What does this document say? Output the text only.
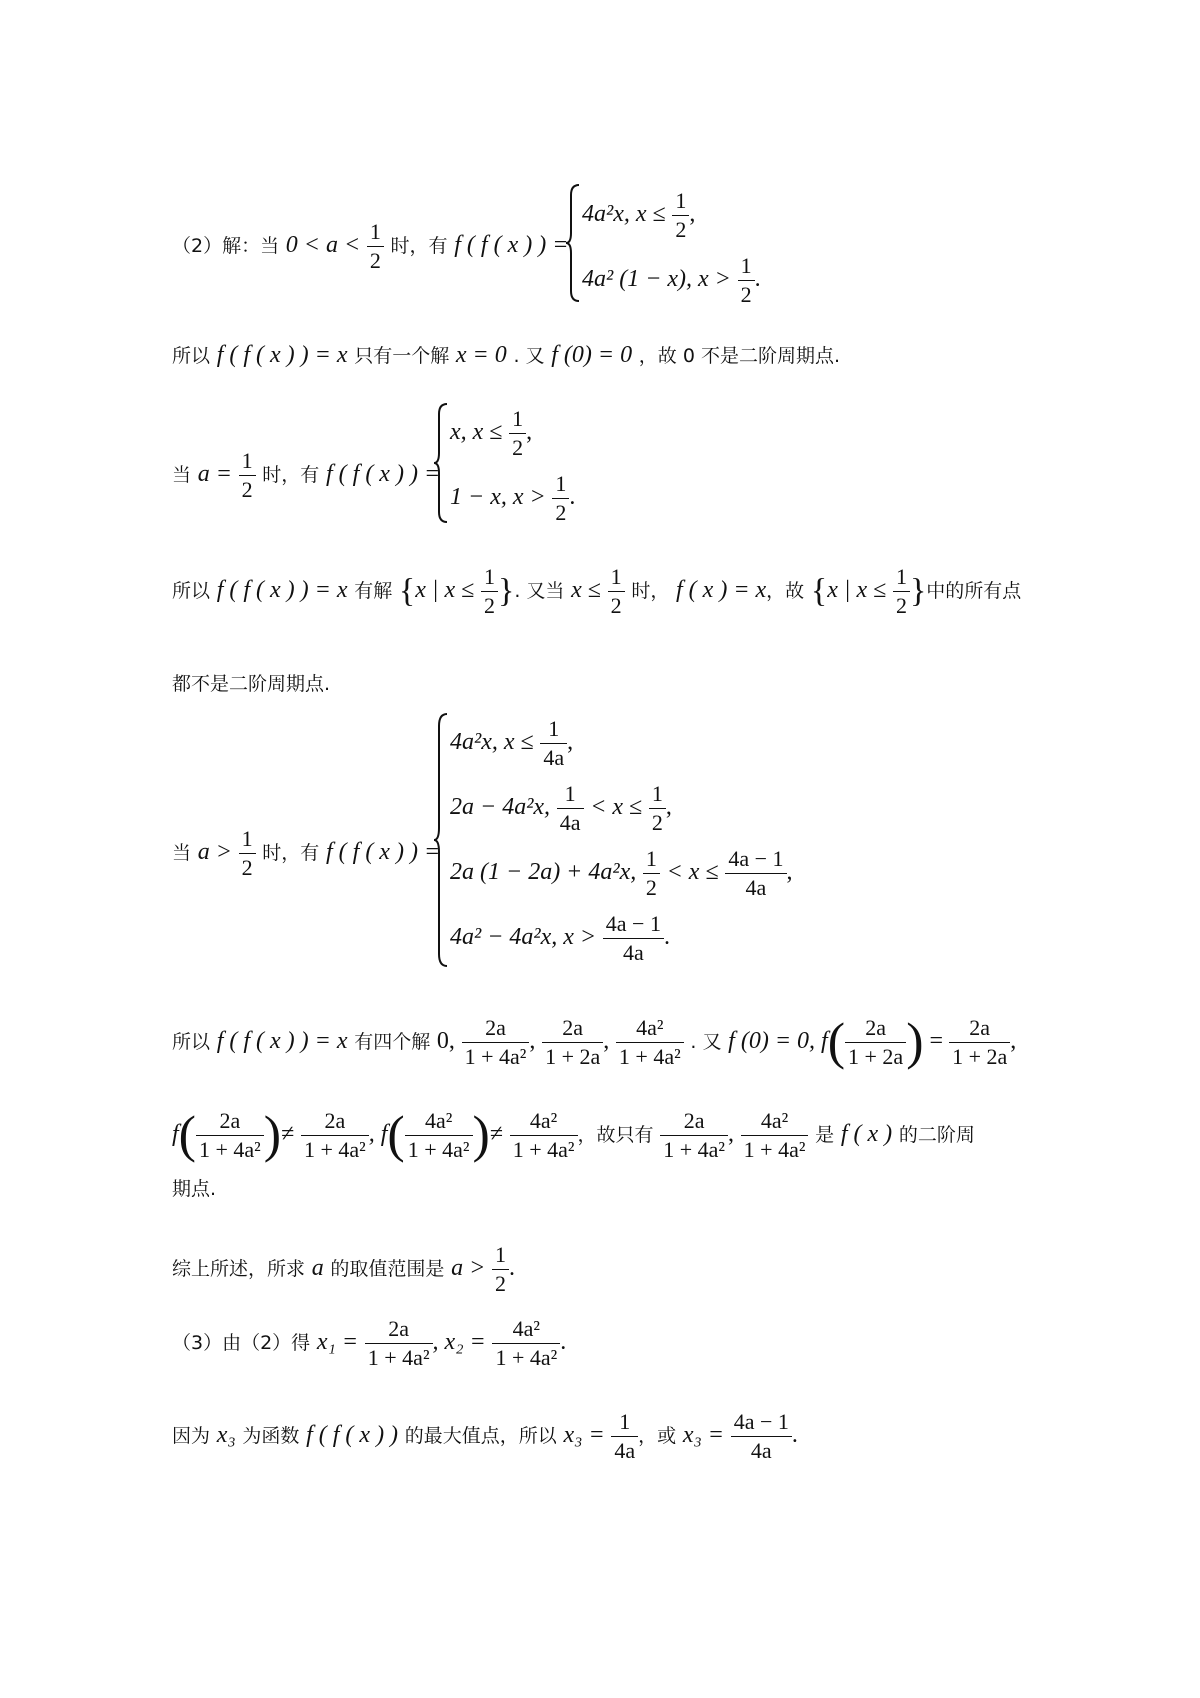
（2）解：当 $0 < a < \frac{1}{2}$ 时，有 f ( f ( x ) ) =
4a²x, $x \le \frac{1}{2}$ ,
4a² (1 − x), $x > \frac{1}{2}$ .
所以 f ( f ( x ) ) = x 只有一个解 x = 0 . 又 f (0) = 0 ，故 0 不是二阶周期点.
当 $a = \frac{1}{2}$ 时，有 f ( f ( x ) ) =
x, $x \le \frac{1}{2}$ ,
1 − x, $x > \frac{1}{2}$ .
所以 f ( f ( x ) ) = x 有解 {x | $x \le \frac{1}{2}$ }. 又当 $x \le \frac{1}{2}$ 时， f ( x ) = x，故 {x | $x \le \frac{1}{2}$ }中的所有点
都不是二阶周期点.
当 $a > \frac{1}{2}$ 时，有 f ( f ( x ) ) =
4a²x, $x \le \frac{1}{4a}$ ,
2a − 4a²x, $\frac{1}{4a} < x \le \frac{1}{2}$ ,
2a (1 − 2a) + 4a²x, $\frac{1}{2} < x \le \frac{4a - 1}{4a}$ ,
4a² − 4a²x, $x > \frac{4a - 1}{4a}$ .
所以 f ( f ( x ) ) = x 有四个解 0, $\frac{2a}{\text{1 + 4a²}}$ , $\frac{2a}{1 + 2a}$ , $\frac{\text{4a²}}{\text{1 + 4a²}}$ . 又 f (0) = 0, $f( \frac{2a}{1 + 2a}$ ) = $\frac{2a}{1 + 2a}$ ,
$f( \frac{2a}{\text{1 + 4a²}}$ )≠ $\frac{2a}{\text{1 + 4a²}}$ , $f( \frac{\text{4a²}}{\text{1 + 4a²}}$ )≠ $\frac{\text{4a²}}{\text{1 + 4a²}}$ ，故只有 $\frac{2a}{\text{1 + 4a²}}$ , $\frac{\text{4a²}}{\text{1 + 4a²}}$ 是 f ( x ) 的二阶周
期点.
综上所述，所求 a 的取值范围是 $a > \frac{1}{2}$ .
（3）由（2）得 $x_1 = \frac{2a}{\text{1 + 4a²}}$ , $x_2 = \frac{\text{4a²}}{\text{1 + 4a²}}$ .
因为 x₃ 为函数 f ( f ( x ) ) 的最大值点，所以 $x_3 = \frac{1}{4a}$ ，或 $x_3 = \frac{4a - 1}{4a}$ .
